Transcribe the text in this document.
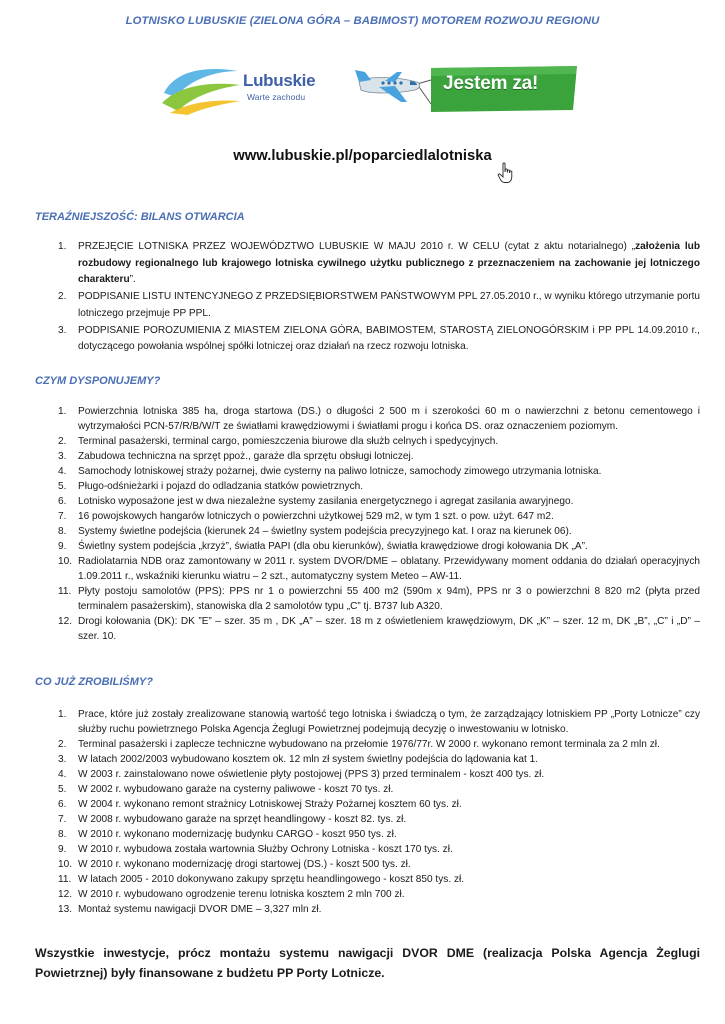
LOTNISKO LUBUSKIE (ZIELONA GÓRA – BABIMOST) MOTOREM ROZWOJU REGIONU
Lubuskie
Warte zachodu
Jestem za!
www.lubuskie.pl/poparciedlalotniska
TERAŹNIEJSZOŚĆ: BILANS OTWARCIA
1. PRZEJĘCIE LOTNISKA PRZEZ WOJEWÓDZTWO LUBUSKIE W MAJU 2010 r. W CELU (cytat z aktu notarialnego) „założenia lub rozbudowy regionalnego lub krajowego lotniska cywilnego użytku publicznego z przeznaczeniem na zachowanie jej lotniczego charakteru”.
2. PODPISANIE LISTU INTENCYJNEGO Z PRZEDSIĘBIORSTWEM PAŃSTWOWYM PPL 27.05.2010 r., w wyniku którego utrzymanie portu lotniczego przejmuje PP PPL.
3. PODPISANIE POROZUMIENIA Z MIASTEM ZIELONA GÓRA, BABIMOSTEM, STAROSTĄ ZIELONOGÓRSKIM i PP PPL 14.09.2010 r., dotyczącego powołania wspólnej spółki lotniczej oraz działań na rzecz rozwoju lotniska.
CZYM DYSPONUJEMY?
1. Powierzchnia lotniska 385 ha, droga startowa (DS.) o długości 2 500 m i szerokości 60 m o nawierzchni z betonu cementowego i wytrzymałości PCN-57/R/B/W/T ze światłami krawędziowymi i światłami progu i końca DS. oraz oznaczeniem poziomym.
2. Terminal pasażerski, terminal cargo, pomieszczenia biurowe dla służb celnych i spedycyjnych.
3. Zabudowa techniczna na sprzęt ppoż., garaże dla sprzętu obsługi lotniczej.
4. Samochody lotniskowej straży pożarnej, dwie cysterny na paliwo lotnicze, samochody zimowego utrzymania lotniska.
5. Pługo-odśnieżarki i pojazd do odladzania statków powietrznych.
6. Lotnisko wyposażone jest w dwa niezależne systemy zasilania energetycznego i agregat zasilania awaryjnego.
7. 16 powojskowych hangarów lotniczych o powierzchni użytkowej 529 m2, w tym 1 szt. o pow. użyt. 647 m2.
8. Systemy świetlne podejścia (kierunek 24 – świetlny system podejścia precyzyjnego kat. I oraz na kierunek 06).
9. Świetlny system podejścia „krzyż”, światła PAPI (dla obu kierunków), światła krawędziowe drogi kołowania DK „A”.
10. Radiolatarnia NDB oraz zamontowany w 2011 r. system DVOR/DME – oblatany. Przewidywany moment oddania do działań operacyjnych 1.09.2011 r., wskaźniki kierunku wiatru – 2 szt., automatyczny system Meteo – AW-11.
11. Płyty postoju samolotów (PPS): PPS nr 1 o powierzchni 55 400 m2 (590m x 94m), PPS nr 3 o powierzchni 8 820 m2 (płyta przed terminalem pasażerskim), stanowiska dla 2 samolotów typu „C” tj. B737 lub A320.
12. Drogi kołowania (DK): DK ”E” – szer. 35 m , DK „A” – szer. 18 m z oświetleniem krawędziowym, DK „K” – szer. 12 m, DK „B”, „C” i „D” – szer. 10.
CO JUŻ ZROBILIŚMY?
1. Prace, które już zostały zrealizowane stanowią wartość tego lotniska i świadczą o tym, że zarządzający lotniskiem PP „Porty Lotnicze” czy służby ruchu powietrznego Polska Agencja Żeglugi Powietrznej podejmują decyzję o inwestowaniu w lotnisko.
2. Terminal pasażerski i zaplecze techniczne wybudowano na przełomie 1976/77r. W 2000 r. wykonano remont terminala za 2 mln zł.
3. W latach 2002/2003 wybudowano kosztem ok. 12 mln zł system świetlny podejścia do lądowania kat 1.
4. W 2003 r. zainstalowano nowe oświetlenie płyty postojowej (PPS 3) przed terminalem - koszt 400 tys. zł.
5. W 2002 r. wybudowano garaże na cysterny paliwowe - koszt 70 tys. zł.
6. W 2004 r. wykonano remont strażnicy Lotniskowej Straży Pożarnej kosztem 60 tys. zł.
7. W 2008 r. wybudowano garaże na sprzęt heandlingowy - koszt 82. tys. zł.
8. W 2010 r. wykonano modernizację budynku CARGO - koszt 950 tys. zł.
9. W 2010 r. wybudowa została wartownia Służby Ochrony Lotniska - koszt 170 tys. zł.
10. W 2010 r. wykonano modernizację drogi startowej (DS.) - koszt 500 tys. zł.
11. W latach 2005 - 2010 dokonywano zakupy sprzętu heandlingowego - koszt 850 tys. zł.
12. W 2010 r. wybudowano ogrodzenie terenu lotniska kosztem 2 mln 700 zł.
13. Montaż systemu nawigacji DVOR DME – 3,327 mln zł.
Wszystkie inwestycje, prócz montażu systemu nawigacji DVOR DME (realizacja Polska Agencja Żeglugi Powietrznej) były finansowane z budżetu PP Porty Lotnicze.
